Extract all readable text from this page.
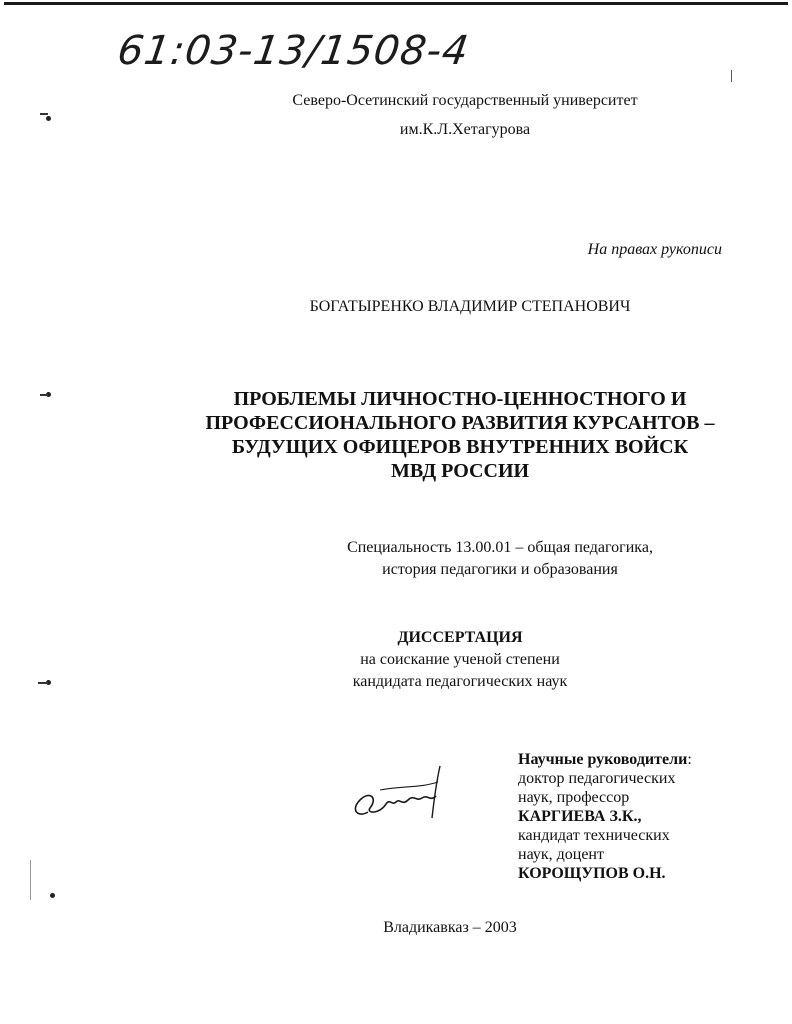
61:03-13/1508-4
Северо-Осетинский государственный университет
им.К.Л.Хетагурова
На правах рукописи
БОГАТЫРЕНКО ВЛАДИМИР СТЕПАНОВИЧ
ПРОБЛЕМЫ ЛИЧНОСТНО-ЦЕННОСТНОГО И
ПРОФЕССИОНАЛЬНОГО РАЗВИТИЯ КУРСАНТОВ –
БУДУЩИХ ОФИЦЕРОВ ВНУТРЕННИХ ВОЙСК
МВД РОССИИ
Специальность 13.00.01 – общая педагогика,
история педагогики и образования
ДИССЕРТАЦИЯ
на соискание ученой степени
кандидата педагогических наук
Научные руководители:
доктор педагогических
наук, профессор
КАРГИЕВА З.К.,
кандидат технических
наук, доцент
КОРОЩУПОВ О.Н.
Владикавказ – 2003
